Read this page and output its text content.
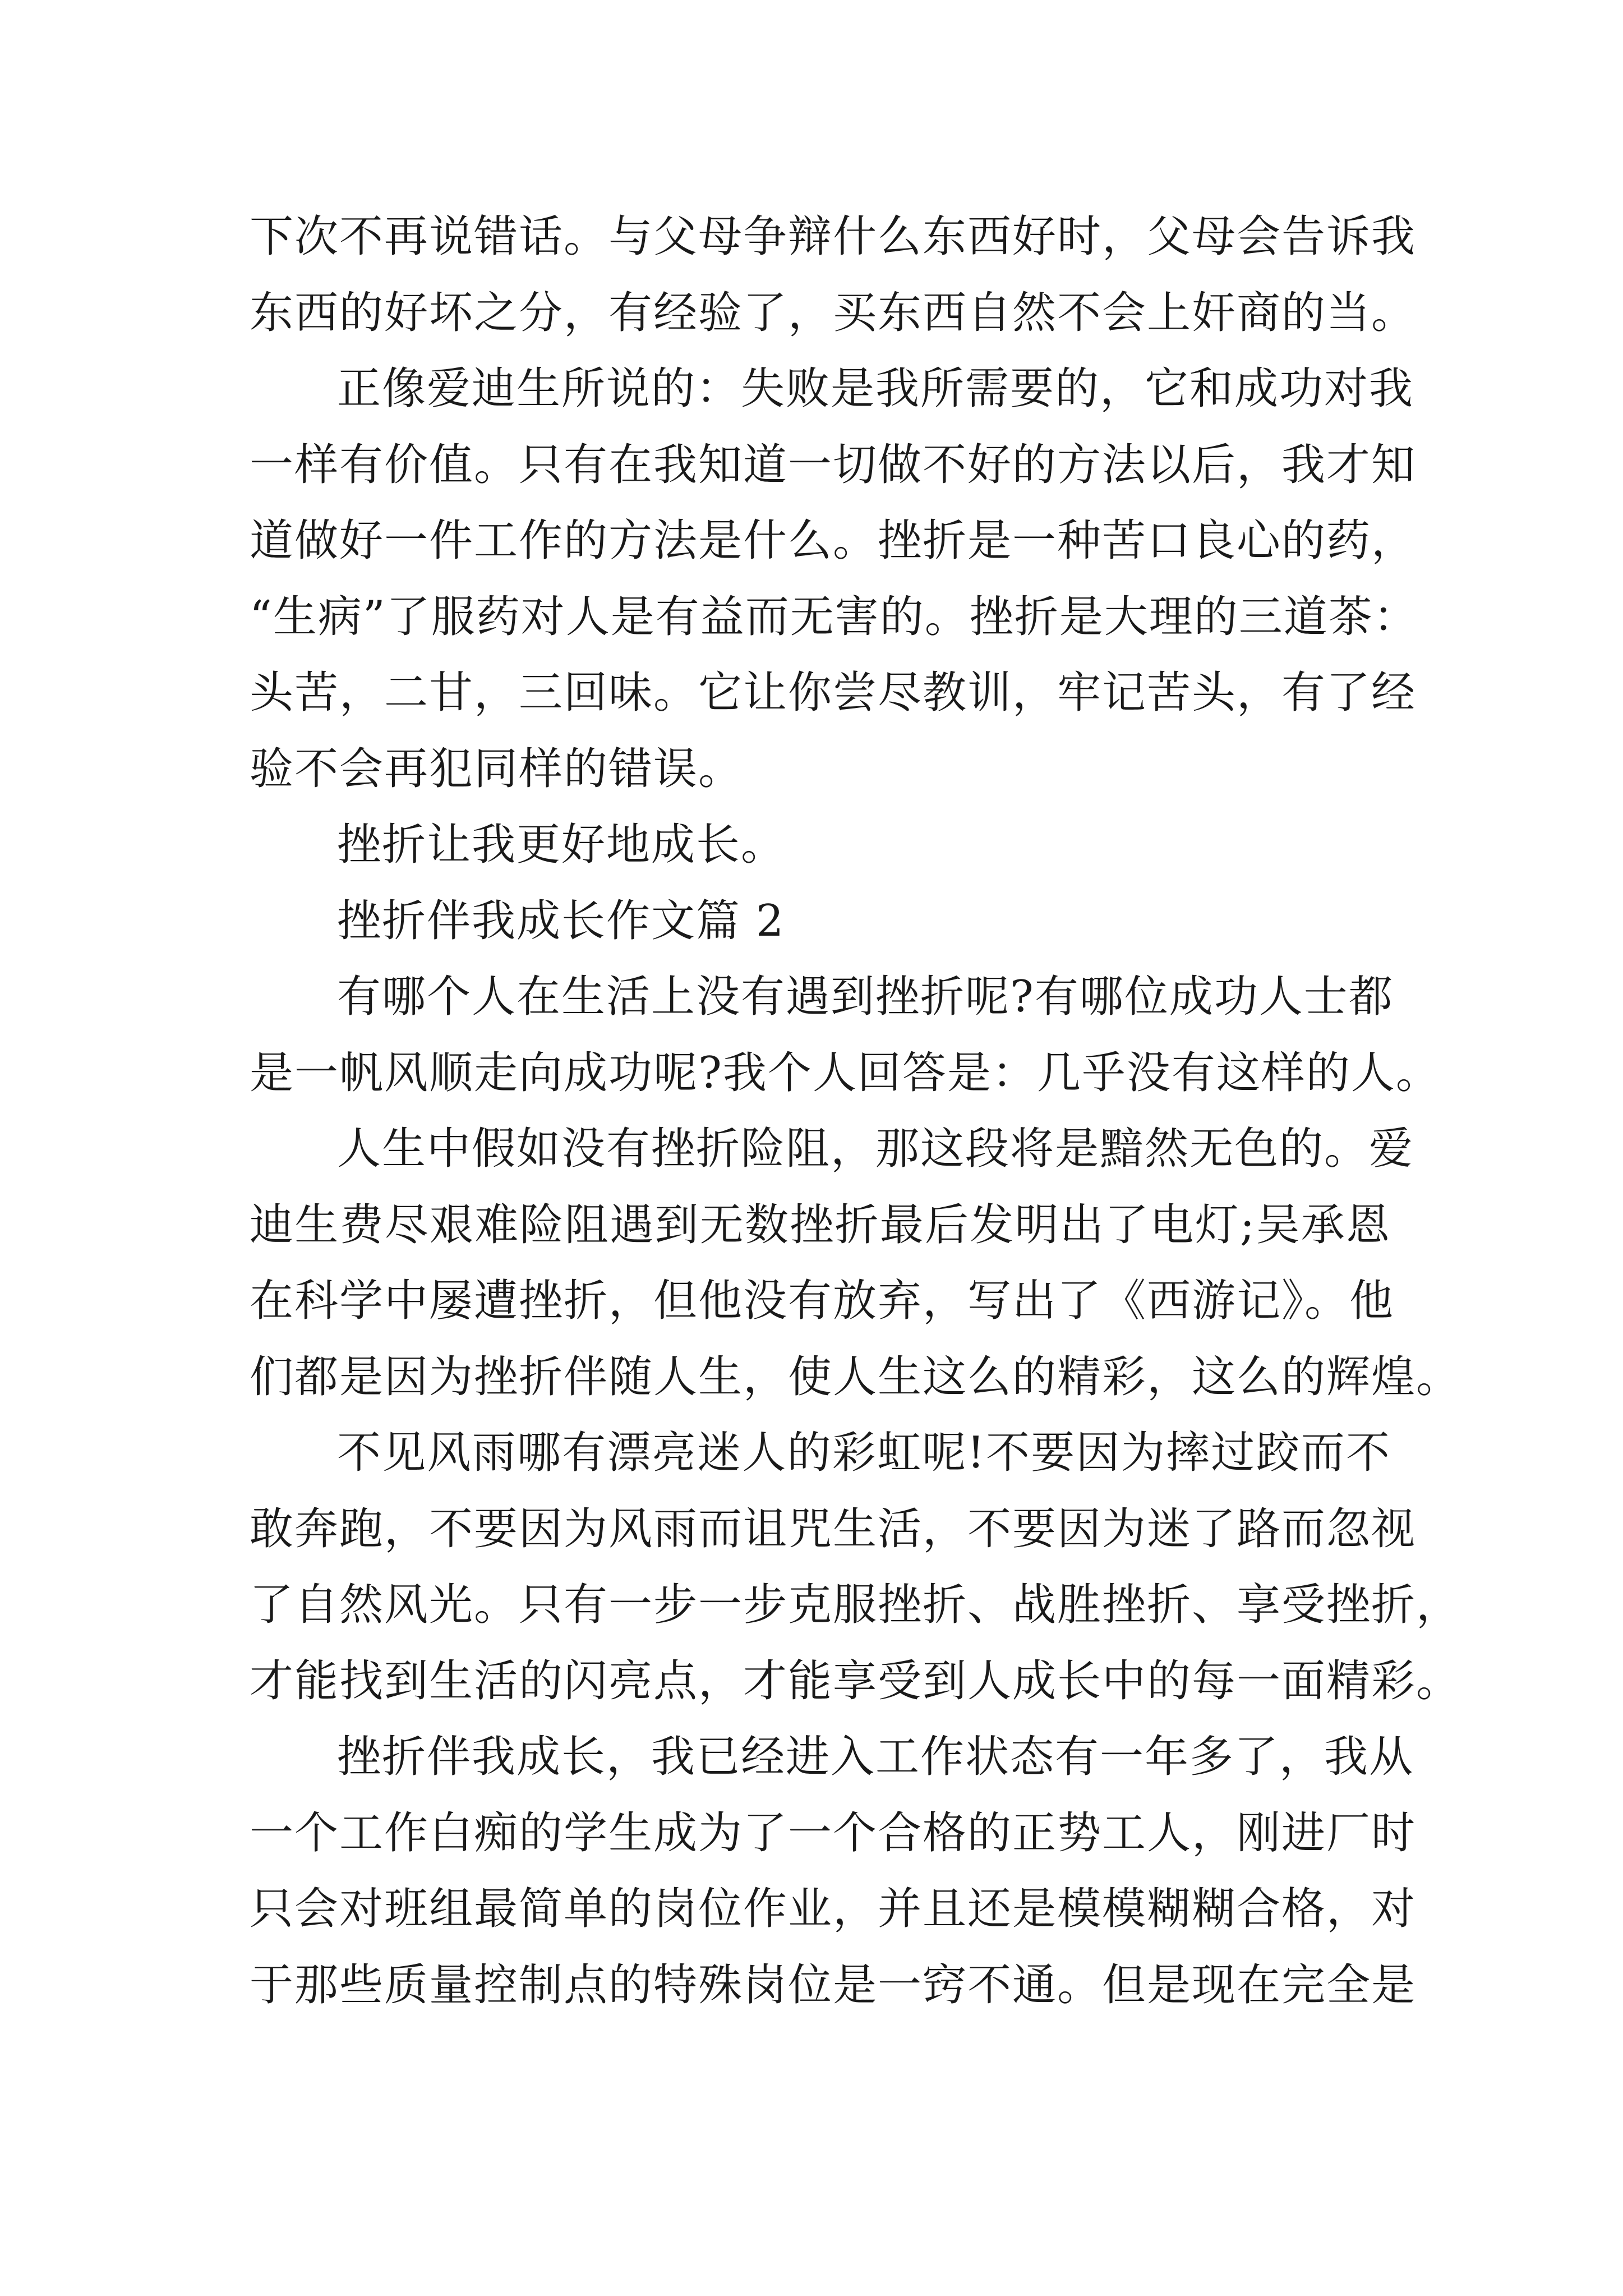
下次不再说错话。与父母争辩什么东西好时，父母会告诉我
东西的好坏之分，有经验了，买东西自然不会上奸商的当。
正像爱迪生所说的：失败是我所需要的，它和成功对我
一样有价值。只有在我知道一切做不好的方法以后，我才知
道做好一件工作的方法是什么。挫折是一种苦口良心的药，
“生病”了服药对人是有益而无害的。挫折是大理的三道茶：
头苦，二甘，三回味。它让你尝尽教训，牢记苦头，有了经
验不会再犯同样的错误。
挫折让我更好地成长。
挫折伴我成长作文篇 2
有哪个人在生活上没有遇到挫折呢?有哪位成功人士都
是一帆风顺走向成功呢?我个人回答是：几乎没有这样的人。
人生中假如没有挫折险阻，那这段将是黯然无色的。爱
迪生费尽艰难险阻遇到无数挫折最后发明出了电灯;吴承恩
在科学中屡遭挫折，但他没有放弃，写出了《西游记》。他
们都是因为挫折伴随人生，使人生这么的精彩，这么的辉煌。
不见风雨哪有漂亮迷人的彩虹呢!不要因为摔过跤而不
敢奔跑，不要因为风雨而诅咒生活，不要因为迷了路而忽视
了自然风光。只有一步一步克服挫折、战胜挫折、享受挫折，
才能找到生活的闪亮点，才能享受到人成长中的每一面精彩。
挫折伴我成长，我已经进入工作状态有一年多了，我从
一个工作白痴的学生成为了一个合格的正势工人，刚进厂时
只会对班组最简单的岗位作业，并且还是模模糊糊合格，对
于那些质量控制点的特殊岗位是一窍不通。但是现在完全是
